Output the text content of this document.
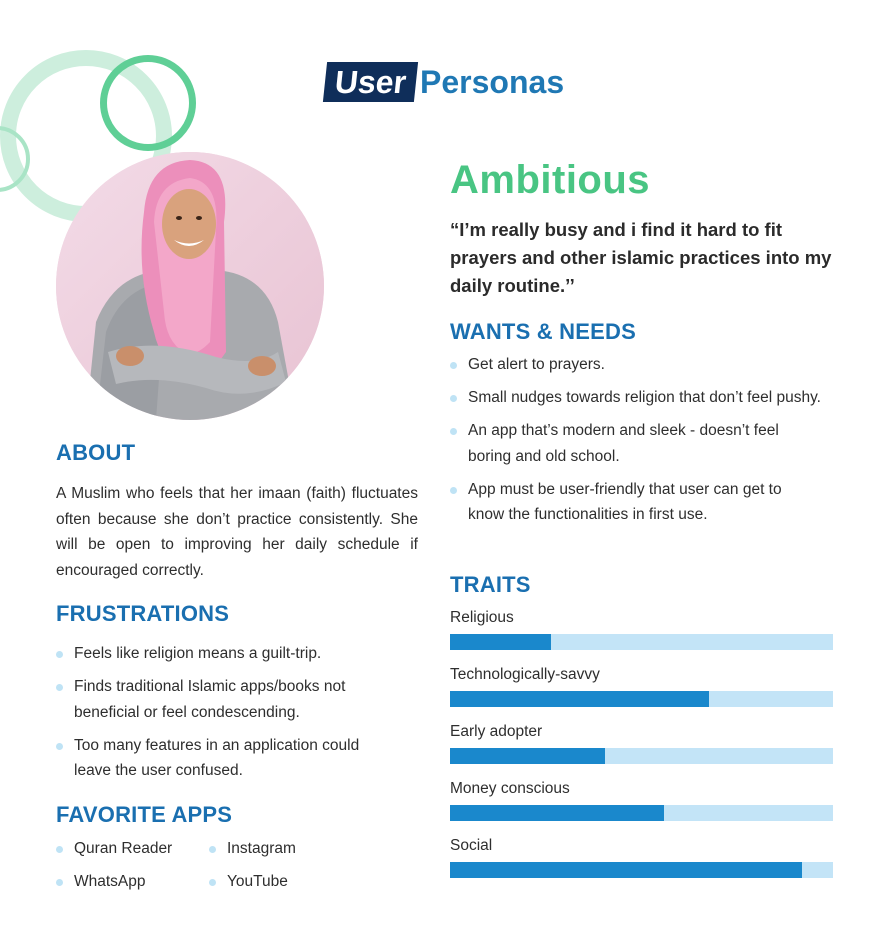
User Personas
ABOUT

A Muslim who feels that her imaan (faith) fluctuates often because she don’t practice consistently. She will be open to improving her daily schedule if encouraged correctly.

FRUSTRATIONS
Feels like religion means a guilt-trip.
Finds traditional Islamic apps/books not beneficial or feel condescending.
Too many features in an application could leave the user confused.
FAVORITE APPS
Quran Reader	Instagram
WhatsApp	YouTube
Ambitious

“I’m really busy and i find it hard to fit prayers and other islamic practices into my daily routine.’’

WANTS & NEEDS
Get alert to prayers.
Small nudges towards religion that don’t feel pushy.
An app that’s modern and sleek - doesn’t feel boring and old school.
App must be user-friendly that user can get to know the functionalities in first use.
TRAITS
Religious
Technologically-savvy
Early adopter
Money conscious
Social
